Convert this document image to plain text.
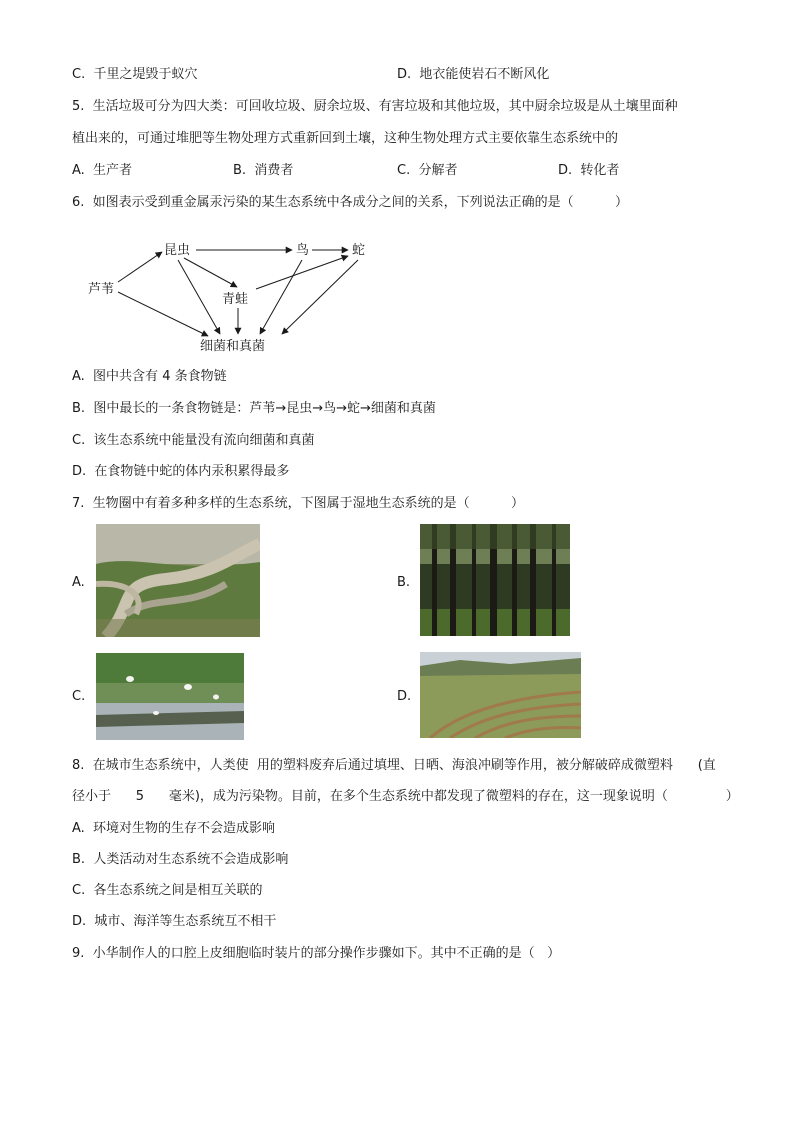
C.  千里之堤毁于蚁穴	D.  地衣能使岩石不断风化
5.  生活垃圾可分为四大类：可回收垃圾、厨余垃圾、有害垃圾和其他垃圾，其中厨余垃圾是从土壤里面种
植出来的，可通过堆肥等生物处理方式重新回到土壤，这种生物处理方式主要依靠生态系统中的
A.  生产者	B.  消费者	C.  分解者	D.  转化者
6.  如图表示受到重金属汞污染的某生态系统中各成分之间的关系，下列说法正确的是（          ）
芦苇
昆虫	鸟	蛇
青蛙
细菌和真菌
A.  图中共含有 4 条食物链
B.  图中最长的一条食物链是：芦苇→昆虫→鸟→蛇→细菌和真菌
C.  该生态系统中能量没有流向细菌和真菌
D.  在食物链中蛇的体内汞积累得最多
7.  生物圈中有着多种多样的生态系统，下图属于湿地生态系统的是（          ）
A.	B.
C.	D.
8.  在城市生态系统中，人类使  用的塑料废弃后通过填埋、日晒、海浪冲刷等作用，被分解破碎成微塑料      (直
径小于      5      毫米)，成为污染物。目前，在多个生态系统中都发现了微塑料的存在，这一现象说明（              ）
A.  环境对生物的生存不会造成影响
B.  人类活动对生态系统不会造成影响
C.  各生态系统之间是相互关联的
D.  城市、海洋等生态系统互不相干
9.  小华制作人的口腔上皮细胞临时装片的部分操作步骤如下。其中不正确的是（   ）
